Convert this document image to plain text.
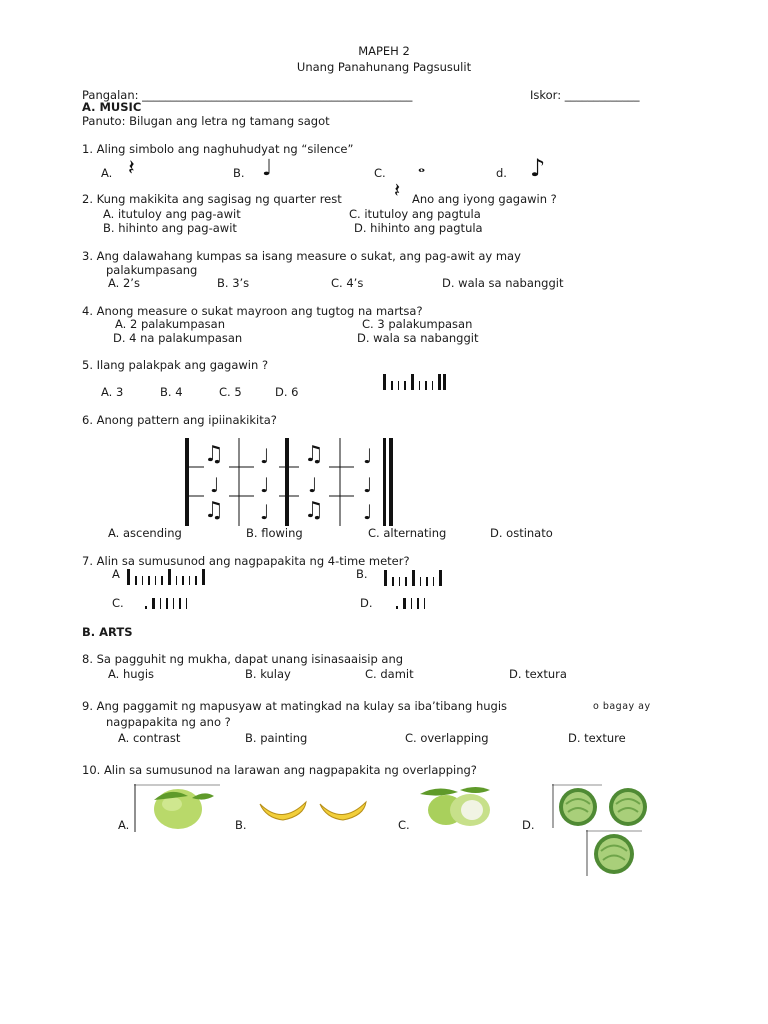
MAPEH 2
Unang Panahunang Pagsusulit
Pangalan: _______________________________________________	Iskor: _____________
A. MUSIC
Panuto: Bilugan ang letra ng tamang sagot
1. Aling simbolo ang naghuhudyat ng “silence”
A. 𝄽	B. ♩	C. 𝅝	d. ♪
2. Kung makikita ang sagisag ng quarter rest	𝄽 Ano ang iyong gagawin ?
A. itutuloy ang pag-awit	C. itutuloy ang pagtula
B. hihinto ang pag-awit	D. hihinto ang pagtula
3. Ang dalawahang kumpas sa isang measure o sukat, ang pag-awit ay may
palakumpasang
A. 2’s	B. 3’s	C. 4’s	D. wala sa nabanggit
4. Anong measure o sukat mayroon ang tugtog na martsa?
A. 2 palakumpasan	C. 3 palakumpasan
D. 4 na palakumpasan	D. wala sa nabanggit
5. Ilang palakpak ang gagawin ?
A. 3	B. 4	C. 5	D. 6
6. Anong pattern ang ipiinakikita?
♫ ♩ ♫ ♩
♩ ♩ ♩ ♩
♫ ♩ ♫ ♩
A. ascending	B. flowing	C. alternating	D. ostinato
7. Alin sa sumusunod ang nagpapakita ng 4-time meter?
A	B.
C.	D.
B. ARTS
8. Sa pagguhit ng mukha, dapat unang isinasaaisip ang
A. hugis	B. kulay	C. damit	D. textura
9. Ang paggamit ng mapusyaw at matingkad na kulay sa iba’tibang hugis	o bagay ay
nagpapakita ng ano ?
A. contrast	B. painting	C. overlapping	D. texture
10. Alin sa sumusunod na larawan ang nagpapakita ng overlapping?
A.	B.	C.	D.
